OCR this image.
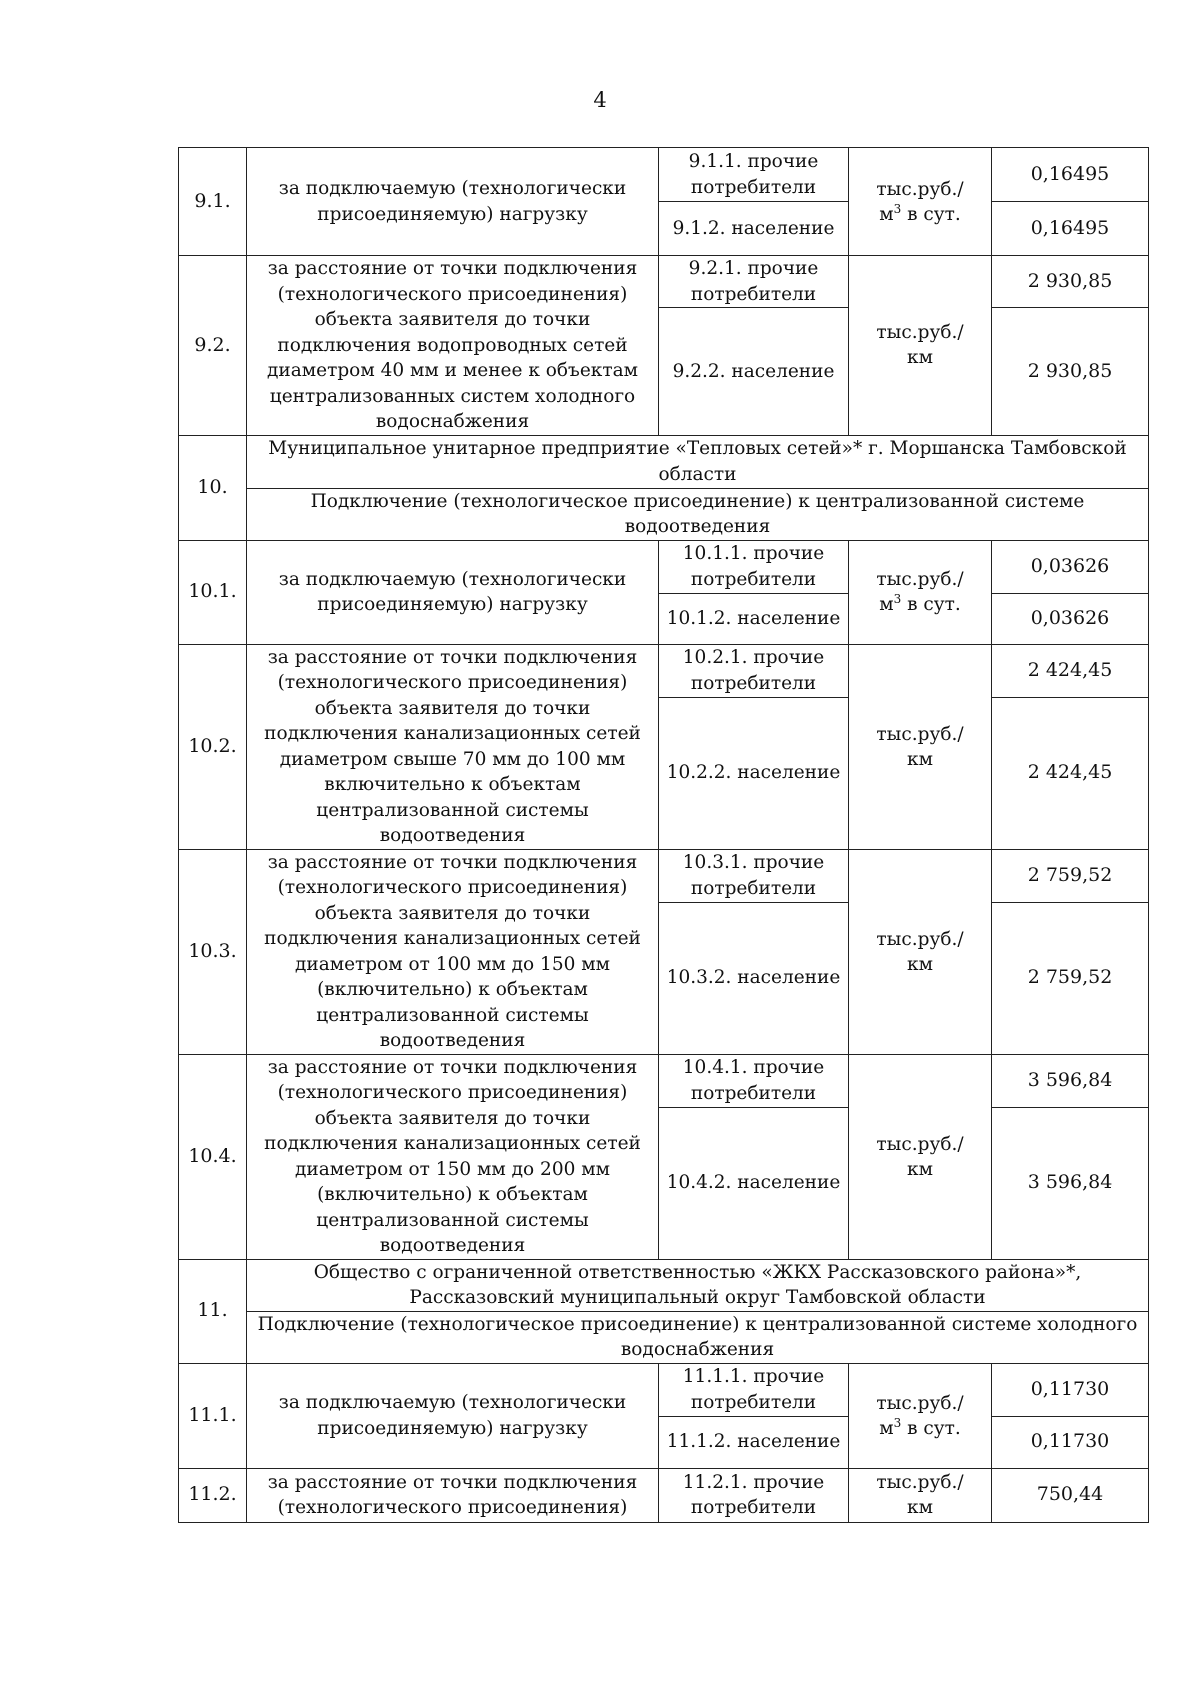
4
9.1.	за подключаемую (технологически присоединяемую) нагрузку	9.1.1. прочие потребители	тыс.руб./
$м^3$ в сут.	0,16495
		9.1.2. население		0,16495
9.2.	за расстояние от точки подключения (технологического присоединения) объекта заявителя до точки подключения водопроводных сетей диаметром 40 мм и менее к объектам централизованных систем холодного водоснабжения	9.2.1. прочие потребители	тыс.руб./
км	2 930,85
		9.2.2. население		2 930,85
10.	Муниципальное унитарное предприятие «Тепловых сетей»* г. Моршанска Тамбовской области			
	Подключение (технологическое присоединение) к централизованной системе водоотведения			
10.1.	за подключаемую (технологически присоединяемую) нагрузку	10.1.1. прочие потребители	тыс.руб./
$м^3$ в сут.	0,03626
		10.1.2. население		0,03626
10.2.	за расстояние от точки подключения (технологического присоединения) объекта заявителя до точки подключения канализационных сетей диаметром свыше 70 мм до 100 мм включительно к объектам централизованной системы водоотведения	10.2.1. прочие потребители	тыс.руб./
км	2 424,45
		10.2.2. население		2 424,45
10.3.	за расстояние от точки подключения (технологического присоединения) объекта заявителя до точки подключения канализационных сетей диаметром от 100 мм до 150 мм (включительно) к объектам централизованной системы водоотведения	10.3.1. прочие потребители	тыс.руб./
км	2 759,52
		10.3.2. население		2 759,52
10.4.	за расстояние от точки подключения (технологического присоединения) объекта заявителя до точки подключения канализационных сетей диаметром от 150 мм до 200 мм (включительно) к объектам централизованной системы водоотведения	10.4.1. прочие потребители	тыс.руб./
км	3 596,84
		10.4.2. население		3 596,84
11.	Общество с ограниченной ответственностью «ЖКХ Рассказовского района»*, Рассказовский муниципальный округ Тамбовской области			
	Подключение (технологическое присоединение) к централизованной системе холодного водоснабжения			
11.1.	за подключаемую (технологически присоединяемую) нагрузку	11.1.1. прочие потребители	тыс.руб./
$м^3$ в сут.	0,11730
		11.1.2. население		0,11730
11.2.	за расстояние от точки подключения (технологического присоединения)	11.2.1. прочие потребители	тыс.руб./
км	750,44
